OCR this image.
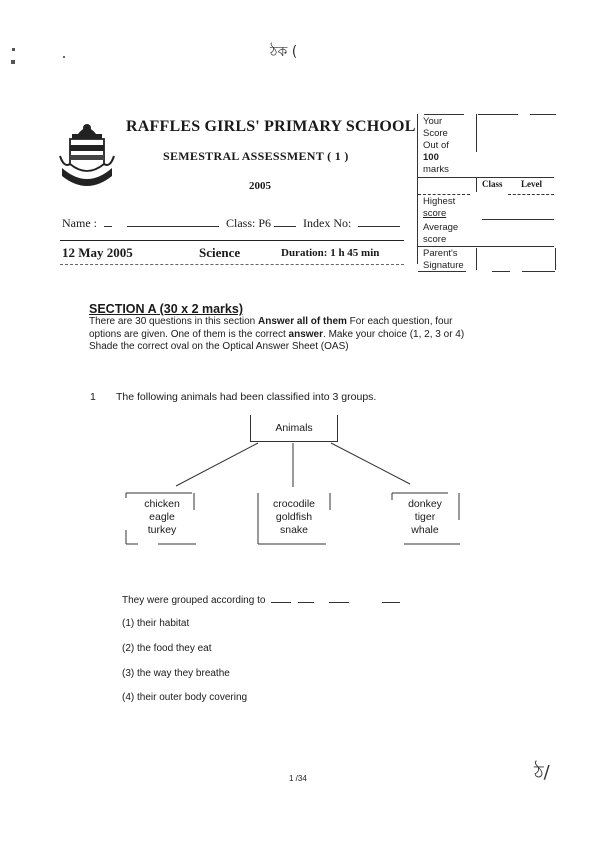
ঠক (
RAFFLES GIRLS' PRIMARY SCHOOL
SEMESTRAL ASSESSMENT ( 1 )
2005
Name :	Class: P6	Index No:
12 May 2005	Science	Duration: 1 h 45 min
Your
Score
Out of
100
marks
Class Level
Highest
score
Average
score
Parent's
Signature
SECTION A (30 x 2 marks)
There are 30 questions in this section Answer all of them For each question, four
options are given. One of them is the correct answer. Make your choice (1, 2, 3 or 4)
Shade the correct oval on the Optical Answer Sheet (OAS)
1 The following animals had been classified into 3 groups.
Animals
chicken
eagle
turkey
crocodile
goldfish
snake
donkey
tiger
whale
They were grouped according to
(1) their habitat
(2) the food they eat
(3) the way they breathe
(4) their outer body covering
1 /34	ঠ/
